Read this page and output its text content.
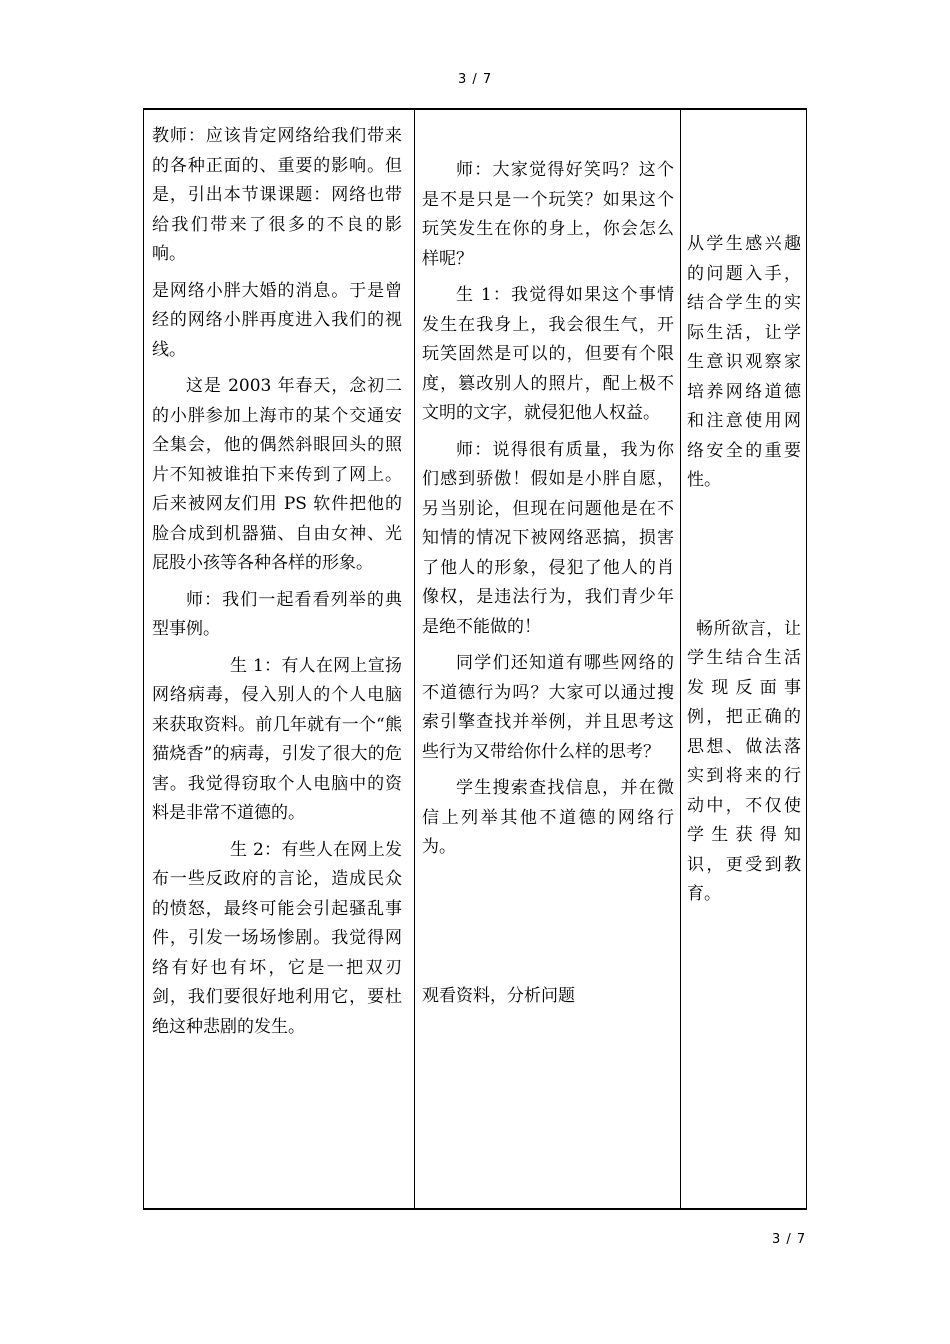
3 / 7

教师：应该肯定网络给我们带来的各种正面的、重要的影响。但是，引出本节课课题：网络也带给我们带来了很多的不良的影响。

是网络小胖大婚的消息。于是曾经的网络小胖再度进入我们的视线。

这是 2003 年春天，念初二的小胖参加上海市的某个交通安全集会，他的偶然斜眼回头的照片不知被谁拍下来传到了网上。后来被网友们用 PS 软件把他的脸合成到机器猫、自由女神、光屁股小孩等各种各样的形象。

师：我们一起看看列举的典型事例。

生 1：有人在网上宣扬网络病毒，侵入别人的个人电脑来获取资料。前几年就有一个“熊猫烧香”的病毒，引发了很大的危害。我觉得窃取个人电脑中的资料是非常不道德的。

生 2：有些人在网上发布一些反政府的言论，造成民众的愤怒，最终可能会引起骚乱事件，引发一场场惨剧。我觉得网络有好也有坏，它是一把双刃剑，我们要很好地利用它，要杜绝这种悲剧的发生。

师：大家觉得好笑吗？这个是不是只是一个玩笑？如果这个玩笑发生在你的身上，你会怎么样呢？

生 1：我觉得如果这个事情发生在我身上，我会很生气，开玩笑固然是可以的，但要有个限度，篡改别人的照片，配上极不文明的文字，就侵犯他人权益。

师：说得很有质量，我为你们感到骄傲！假如是小胖自愿，另当别论，但现在问题他是在不知情的情况下被网络恶搞，损害了他人的形象，侵犯了他人的肖像权，是违法行为，我们青少年是绝不能做的！

同学们还知道有哪些网络的不道德行为吗？大家可以通过搜索引擎查找并举例，并且思考这些行为又带给你什么样的思考？

学生搜索查找信息，并在微信上列举其他不道德的网络行为。

观看资料，分析问题

从学生感兴趣的问题入手，结合学生的实际生活，让学生意识观察家培养网络道德和注意使用网络安全的重要性。

畅所欲言，让学生结合生活发现反面事例，把正确的思想、做法落实到将来的行动中，不仅使学生获得知识，更受到教育。

3 / 7
